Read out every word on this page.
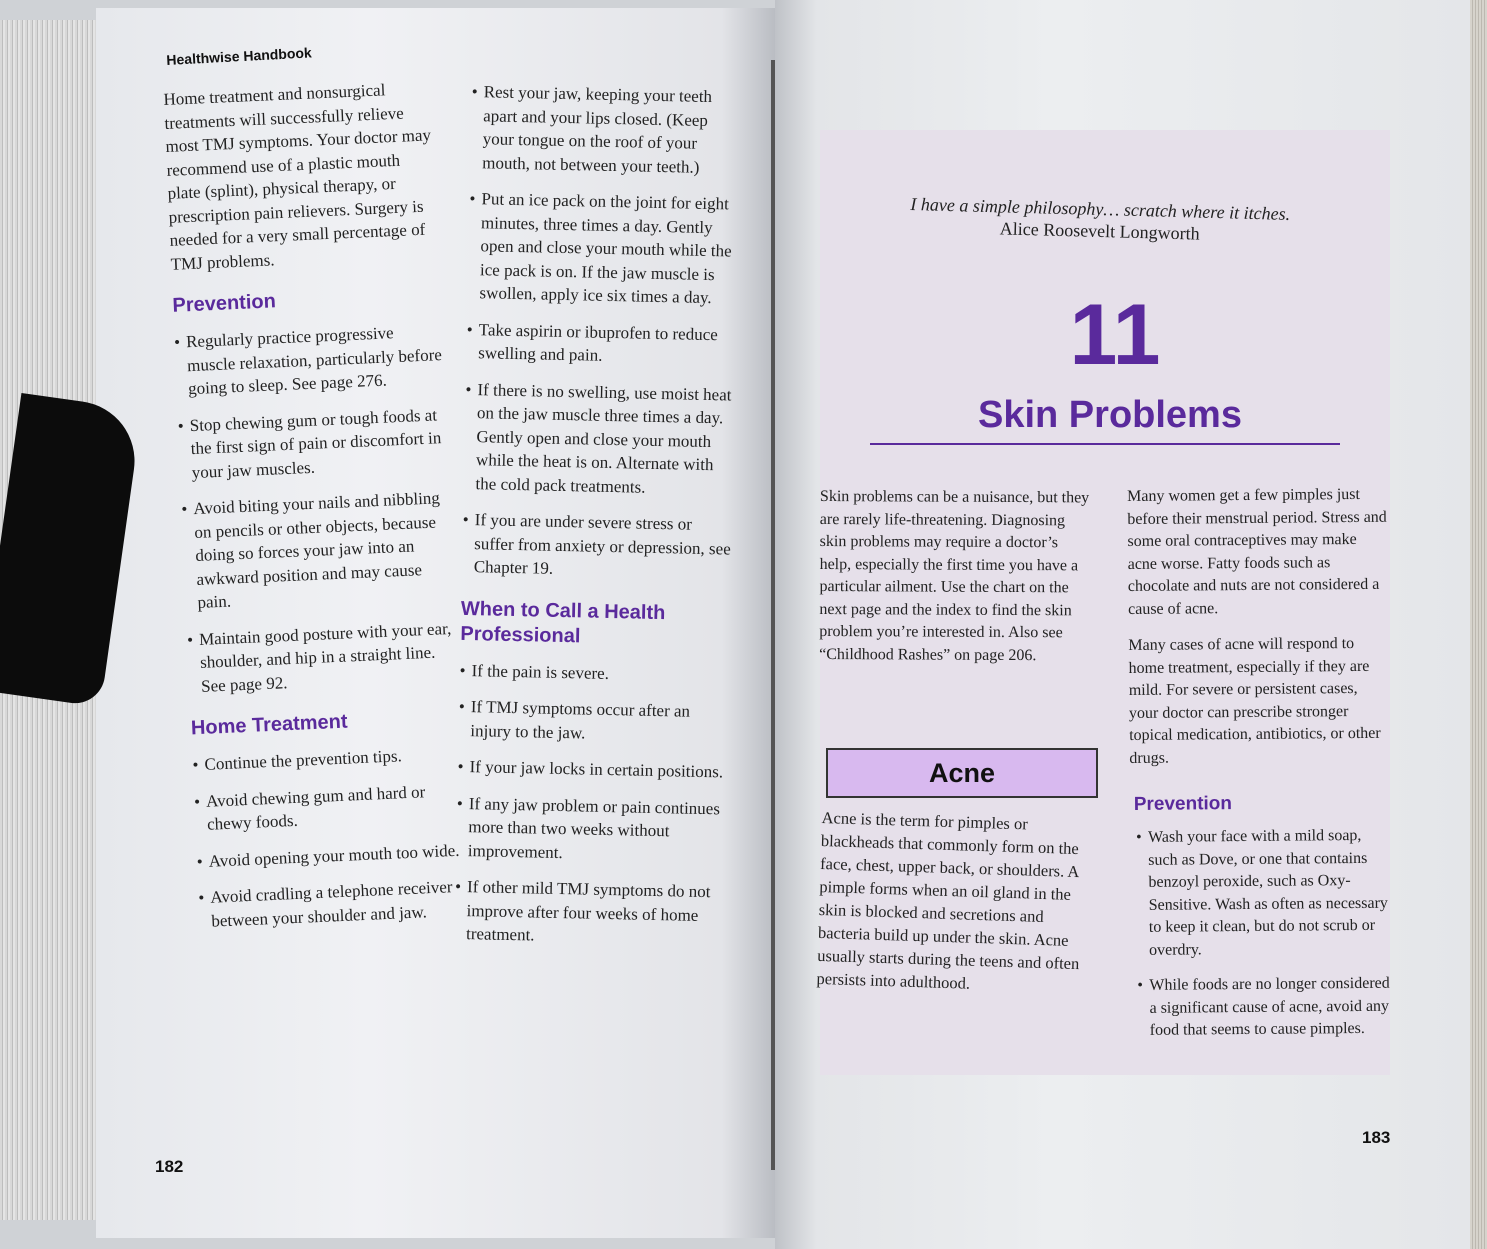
Healthwise Handbook

Home treatment and nonsurgical treatments will successfully relieve most TMJ symptoms. Your doctor may recommend use of a plastic mouth plate (splint), physical therapy, or prescription pain relievers. Surgery is needed for a very small percentage of TMJ problems.

Prevention
• Regularly practice progressive muscle relaxation, particularly before going to sleep. See page 276.
• Stop chewing gum or tough foods at the first sign of pain or discomfort in your jaw muscles.
• Avoid biting your nails and nibbling on pencils or other objects, because doing so forces your jaw into an awkward position and may cause pain.
• Maintain good posture with your ear, shoulder, and hip in a straight line. See page 92.
Home Treatment
• Continue the prevention tips.
• Avoid chewing gum and hard or chewy foods.
• Avoid opening your mouth too wide.
• Avoid cradling a telephone receiver between your shoulder and jaw.
• Rest your jaw, keeping your teeth apart and your lips closed. (Keep your tongue on the roof of your mouth, not between your teeth.)
• Put an ice pack on the joint for eight minutes, three times a day. Gently open and close your mouth while the ice pack is on. If the jaw muscle is swollen, apply ice six times a day.
• Take aspirin or ibuprofen to reduce swelling and pain.
• If there is no swelling, use moist heat on the jaw muscle three times a day. Gently open and close your mouth while the heat is on. Alternate with the cold pack treatments.
• If you are under severe stress or suffer from anxiety or depression, see Chapter 19.
When to Call a Health Professional
• If the pain is severe.
• If TMJ symptoms occur after an injury to the jaw.
• If your jaw locks in certain positions.
• If any jaw problem or pain continues more than two weeks without improvement.
• If other mild TMJ symptoms do not improve after four weeks of home treatment.
182
I have a simple philosophy… scratch where it itches.
Alice Roosevelt Longworth
11
Skin Problems

Skin problems can be a nuisance, but they are rarely life-threatening. Diagnosing skin problems may require a doctor’s help, especially the first time you have a particular ailment. Use the chart on the next page and the index to find the skin problem you’re interested in. Also see “Childhood Rashes” on page 206.

Acne

Acne is the term for pimples or blackheads that commonly form on the face, chest, upper back, or shoulders. A pimple forms when an oil gland in the skin is blocked and secretions and bacteria build up under the skin. Acne usually starts during the teens and often persists into adulthood.

Many women get a few pimples just before their menstrual period. Stress and some oral contraceptives may make acne worse. Fatty foods such as chocolate and nuts are not considered a cause of acne.

Many cases of acne will respond to home treatment, especially if they are mild. For severe or persistent cases, your doctor can prescribe stronger topical medication, antibiotics, or other drugs.

Prevention
• Wash your face with a mild soap, such as Dove, or one that contains benzoyl peroxide, such as Oxy-Sensitive. Wash as often as necessary to keep it clean, but do not scrub or overdry.
• While foods are no longer considered a significant cause of acne, avoid any food that seems to cause pimples.
183
